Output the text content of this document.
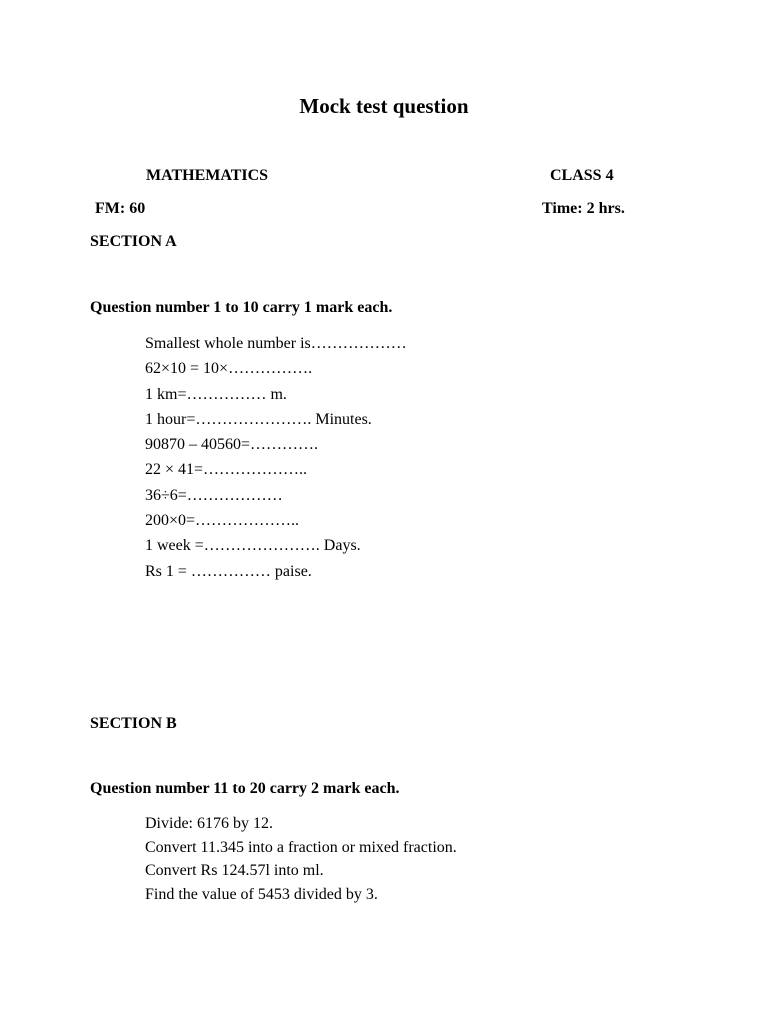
Mock test question
MATHEMATICS	CLASS 4
FM: 60	Time: 2 hrs.
SECTION A
Question number 1 to 10 carry 1 mark each.
Smallest whole number is………………
62×10 = 10×…………….
1 km=…………… m.
1 hour=…………………. Minutes.
90870 – 40560=………….
22 × 41=………………..
36÷6=………………
200×0=………………..
1 week =…………………. Days.
Rs 1 = …………… paise.
SECTION B
Question number 11 to 20 carry 2 mark each.
Divide: 6176 by 12.
Convert 11.345 into a fraction or mixed fraction.
Convert Rs 124.57l into ml.
Find the value of 5453 divided by 3.
